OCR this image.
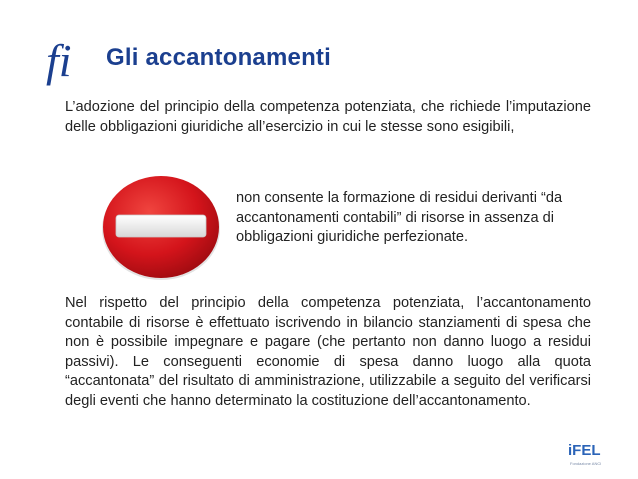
fi Gli accantonamenti

L’adozione del principio della competenza potenziata, che richiede l’imputazione delle obbligazioni giuridiche all’esercizio in cui le stesse sono esigibili,

non consente la formazione di residui derivanti “da accantonamenti contabili” di risorse in assenza di obbligazioni giuridiche perfezionate.

Nel rispetto del principio della competenza potenziata, l’accantonamento contabile di risorse è effettuato iscrivendo in bilancio stanziamenti di spesa che non è possibile impegnare e pagare (che pertanto non danno luogo a residui passivi). Le conseguenti economie di spesa danno luogo alla quota “accantonata” del risultato di amministrazione, utilizzabile a seguito del verificarsi degli eventi che hanno determinato la costituzione dell’accantonamento.

iFEL
Fondazione ANCI
